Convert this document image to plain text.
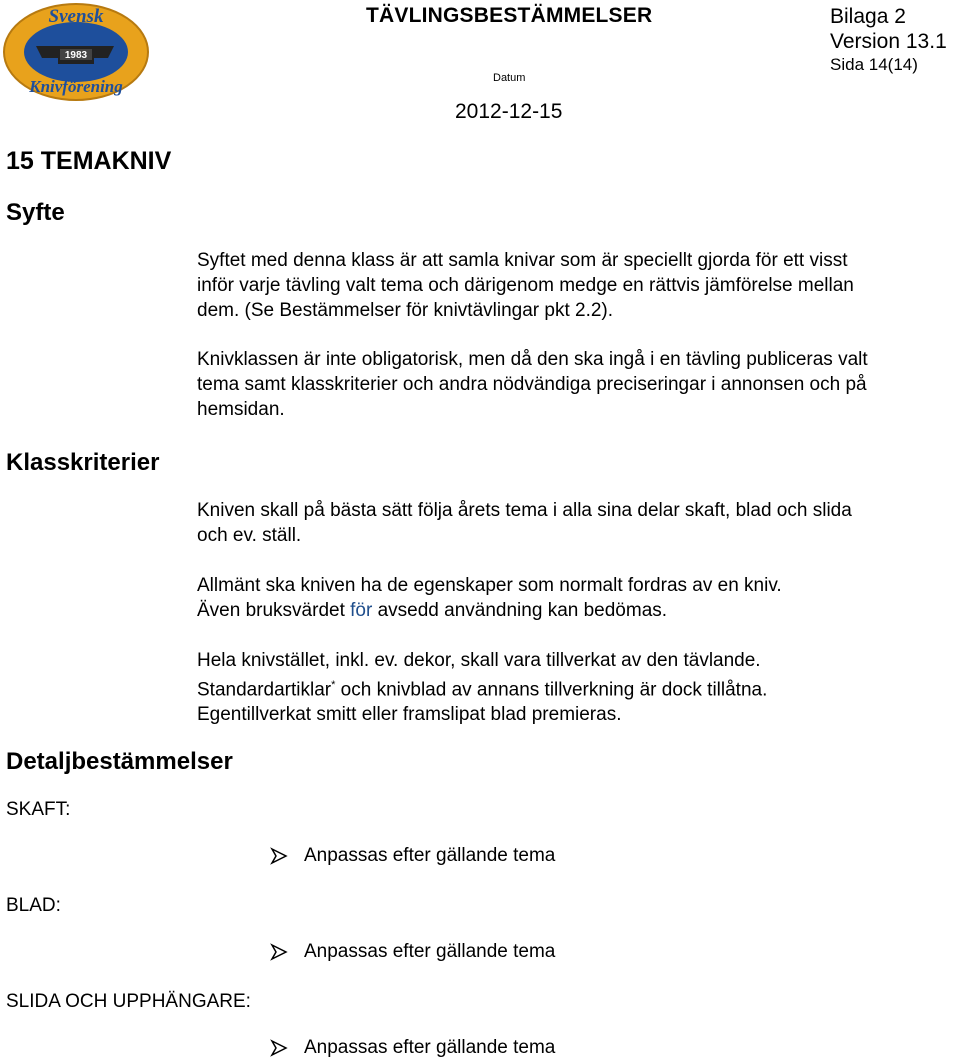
1983
Svensk
Knivförening
TÄVLINGSBESTÄMMELSER	Bilaga 2
Version 13.1
Sida 14(14)
Datum
2012-12-15
15 TEMAKNIV
Syfte
Syftet med denna klass är att samla knivar som är speciellt gjorda för ett visst
inför varje tävling valt tema och därigenom medge en rättvis jämförelse mellan
dem. (Se Bestämmelser för knivtävlingar pkt 2.2).
Knivklassen är inte obligatorisk, men då den ska ingå i en tävling publiceras valt
tema samt klasskriterier och andra nödvändiga preciseringar i annonsen och på
hemsidan.
Klasskriterier
Kniven skall på bästa sätt följa årets tema i alla sina delar skaft, blad och slida
och ev. ställ.
Allmänt ska kniven ha de egenskaper som normalt fordras av en kniv.
Även bruksvärdet för avsedd användning kan bedömas.
Hela knivstället, inkl. ev. dekor, skall vara tillverkat av den tävlande.
Standardartiklar* och knivblad av annans tillverkning är dock tillåtna.
Egentillverkat smitt eller framslipat blad premieras.
Detaljbestämmelser
SKAFT:
Anpassas efter gällande tema
BLAD:
Anpassas efter gällande tema
SLIDA OCH UPPHÄNGARE:
Anpassas efter gällande tema
